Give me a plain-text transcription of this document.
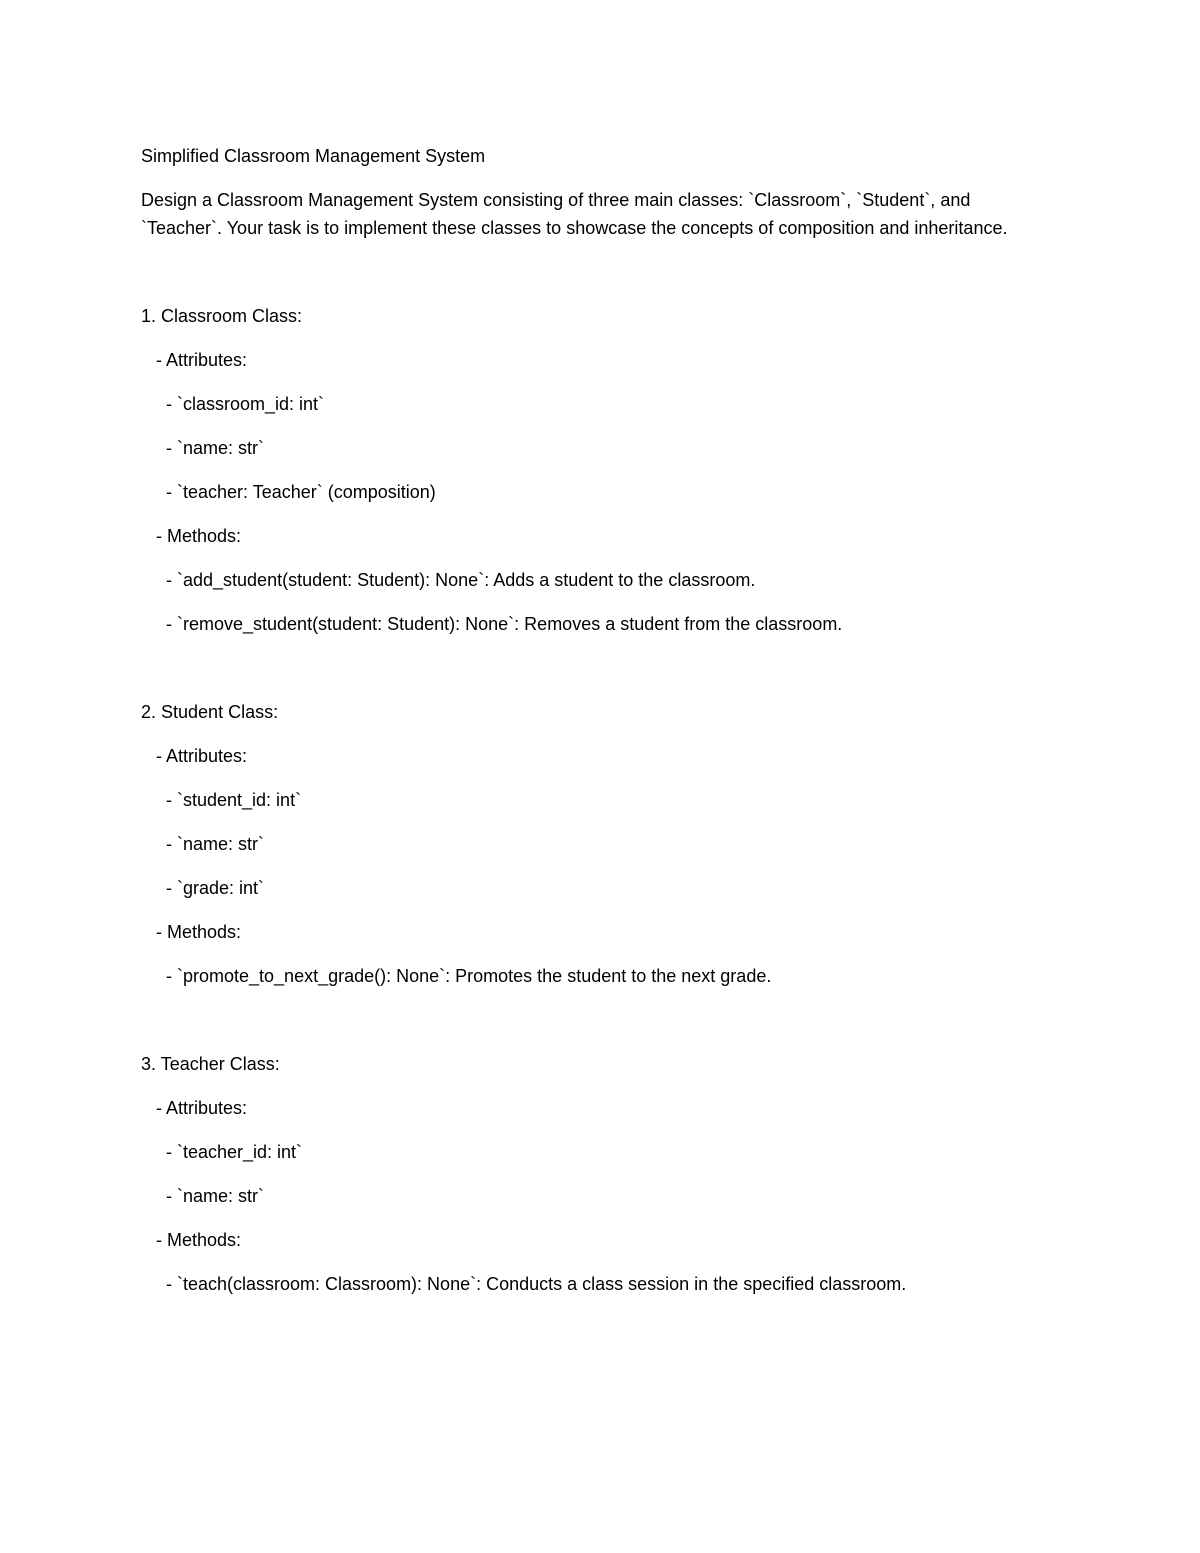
Simplified Classroom Management System

Design a Classroom Management System consisting of three main classes: `Classroom`, `Student`, and `Teacher`. Your task is to implement these classes to showcase the concepts of composition and inheritance.

1. Classroom Class:

- Attributes:

- `classroom_id: int`

- `name: str`

- `teacher: Teacher` (composition)

- Methods:

- `add_student(student: Student): None`: Adds a student to the classroom.

- `remove_student(student: Student): None`: Removes a student from the classroom.

2. Student Class:

- Attributes:

- `student_id: int`

- `name: str`

- `grade: int`

- Methods:

- `promote_to_next_grade(): None`: Promotes the student to the next grade.

3. Teacher Class:

- Attributes:

- `teacher_id: int`

- `name: str`

- Methods:

- `teach(classroom: Classroom): None`: Conducts a class session in the specified classroom.
